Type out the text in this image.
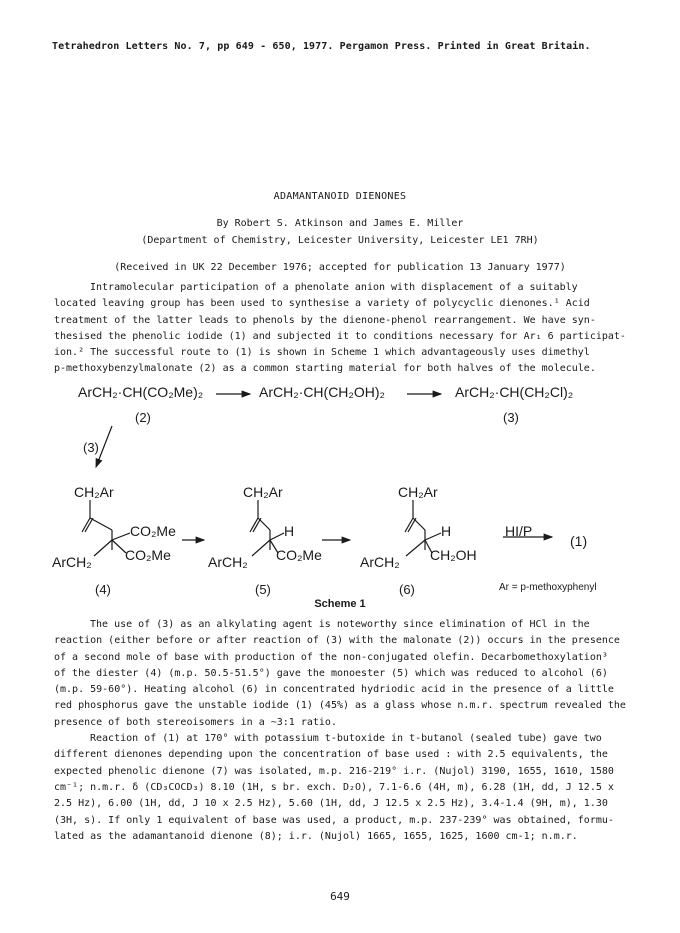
Tetrahedron Letters No. 7, pp 649 - 650, 1977. Pergamon Press. Printed in Great Britain.
ADAMANTANOID DIENONES
By Robert S. Atkinson and James E. Miller
(Department of Chemistry, Leicester University, Leicester LE1 7RH)
(Received in UK 22 December 1976; accepted for publication 13 January 1977)
Intramolecular participation of a phenolate anion with displacement of a suitably
located leaving group has been used to synthesise a variety of polycyclic dienones.¹ Acid
treatment of the latter leads to phenols by the dienone-phenol rearrangement. We have syn-
thesised the phenolic iodide (1) and subjected it to conditions necessary for Ar₁ 6 participat-
ion.² The successful route to (1) is shown in Scheme 1 which advantageously uses dimethyl
p-methoxybenzylmalonate (2) as a common starting material for both halves of the molecule.
ArCH₂·CH(CO₂Me)₂	ArCH₂·CH(CH₂OH)₂	ArCH₂·CH(CH₂Cl)₂
(2)	(3)
(3)
CH₂Ar
CO₂Me
CO₂Me
ArCH₂
CH₂Ar
H
CO₂Me
ArCH₂
CH₂Ar
H
CH₂OH
ArCH₂
HI/P
(1)
(4)	(5)	(6)	Ar = p-methoxyphenyl
Scheme 1
The use of (3) as an alkylating agent is noteworthy since elimination of HCl in the
reaction (either before or after reaction of (3) with the malonate (2)) occurs in the presence
of a second mole of base with production of the non-conjugated olefin. Decarbomethoxylation³
of the diester (4) (m.p. 50.5-51.5°) gave the monoester (5) which was reduced to alcohol (6)
(m.p. 59-60°). Heating alcohol (6) in concentrated hydriodic acid in the presence of a little
red phosphorus gave the unstable iodide (1) (45%) as a glass whose n.m.r. spectrum revealed the
presence of both stereoisomers in a ~3:1 ratio.
Reaction of (1) at 170° with potassium t-butoxide in t-butanol (sealed tube) gave two
different dienones depending upon the concentration of base used : with 2.5 equivalents, the
expected phenolic dienone (7) was isolated, m.p. 216-219° i.r. (Nujol) 3190, 1655, 1610, 1580
cm⁻¹; n.m.r. δ (CD₃COCD₃) 8.10 (1H, s br. exch. D₂O), 7.1-6.6 (4H, m), 6.28 (1H, dd, J 12.5 x
2.5 Hz), 6.00 (1H, dd, J 10 x 2.5 Hz), 5.60 (1H, dd, J 12.5 x 2.5 Hz), 3.4-1.4 (9H, m), 1.30
(3H, s). If only 1 equivalent of base was used, a product, m.p. 237-239° was obtained, formu-
lated as the adamantanoid dienone (8); i.r. (Nujol) 1665, 1655, 1625, 1600 cm-1; n.m.r.
649
